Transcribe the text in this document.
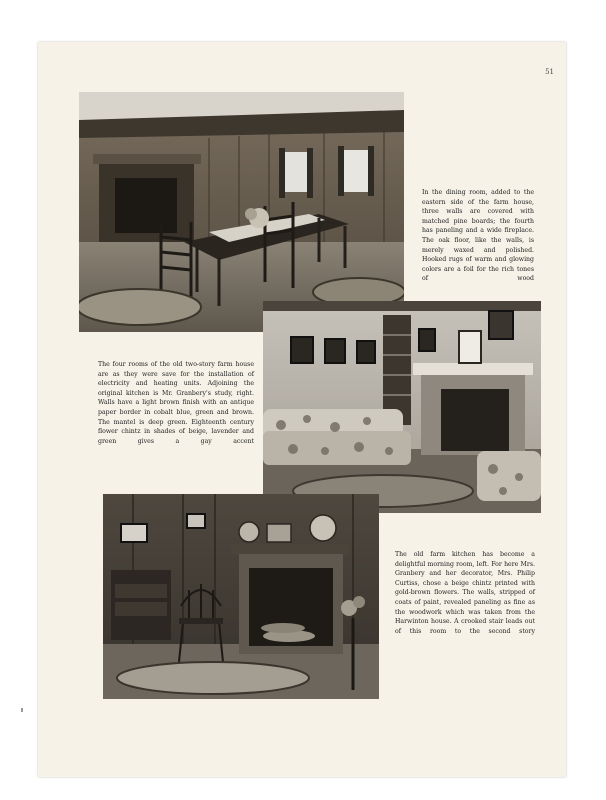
51

In the dining room, added to the eastern side of the farm house, three walls are covered with matched pine boards; the fourth has paneling and a wide fireplace. The oak floor, like the walls, is merely waxed and polished. Hooked rugs of warm and glowing colors are a foil for the rich tones of wood

The four rooms of the old two-story farm house are as they were save for the installation of electricity and heating units. Adjoining the original kitchen is Mr. Granbery's study, right. Walls have a light brown finish with an antique paper border in cobalt blue, green and brown. The mantel is deep green. Eighteenth century flower chintz in shades of beige, lavender and green gives a gay accent

The old farm kitchen has become a delightful morning room, left. For here Mrs. Granbery and her decorator, Mrs. Philip Curtiss, chose a beige chintz printed with gold-brown flowers. The walls, stripped of coats of paint, revealed paneling as fine as the woodwork which was taken from the Harwinton house. A crooked stair leads out of this room to the second story
